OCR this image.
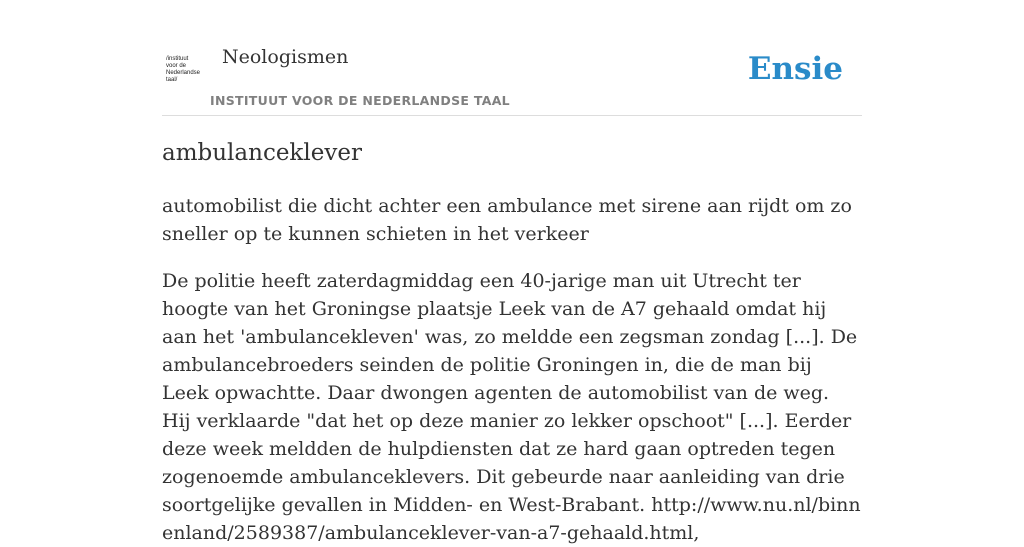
/instituut
voor de
Nederlandse
taal/
Neologismen
INSTITUUT VOOR DE NEDERLANDSE TAAL
Ensie
ambulanceklever
automobilist die dicht achter een ambulance met sirene aan rijdt om zo sneller op te kunnen schieten in het verkeer
De politie heeft zaterdagmiddag een 40-jarige man uit Utrecht ter hoogte van het Groningse plaatsje Leek van de A7 gehaald omdat hij aan het 'ambulancekleven' was, zo meldde een zegsman zondag [...]. De ambulancebroeders seinden de politie Groningen in, die de man bij Leek opwachtte. Daar dwongen agenten de automobilist van de weg. Hij verklaarde "dat het op deze manier zo lekker opschoot" [...]. Eerder deze week meldden de hulpdiensten dat ze hard gaan optreden tegen zogenoemde ambulanceklevers. Dit gebeurde naar aanleiding van drie soortgelijke gevallen in Midden- en West-Brabant. http://www.nu.nl/binnenland/2589387/ambulanceklever-van-a7-gehaald.html,
